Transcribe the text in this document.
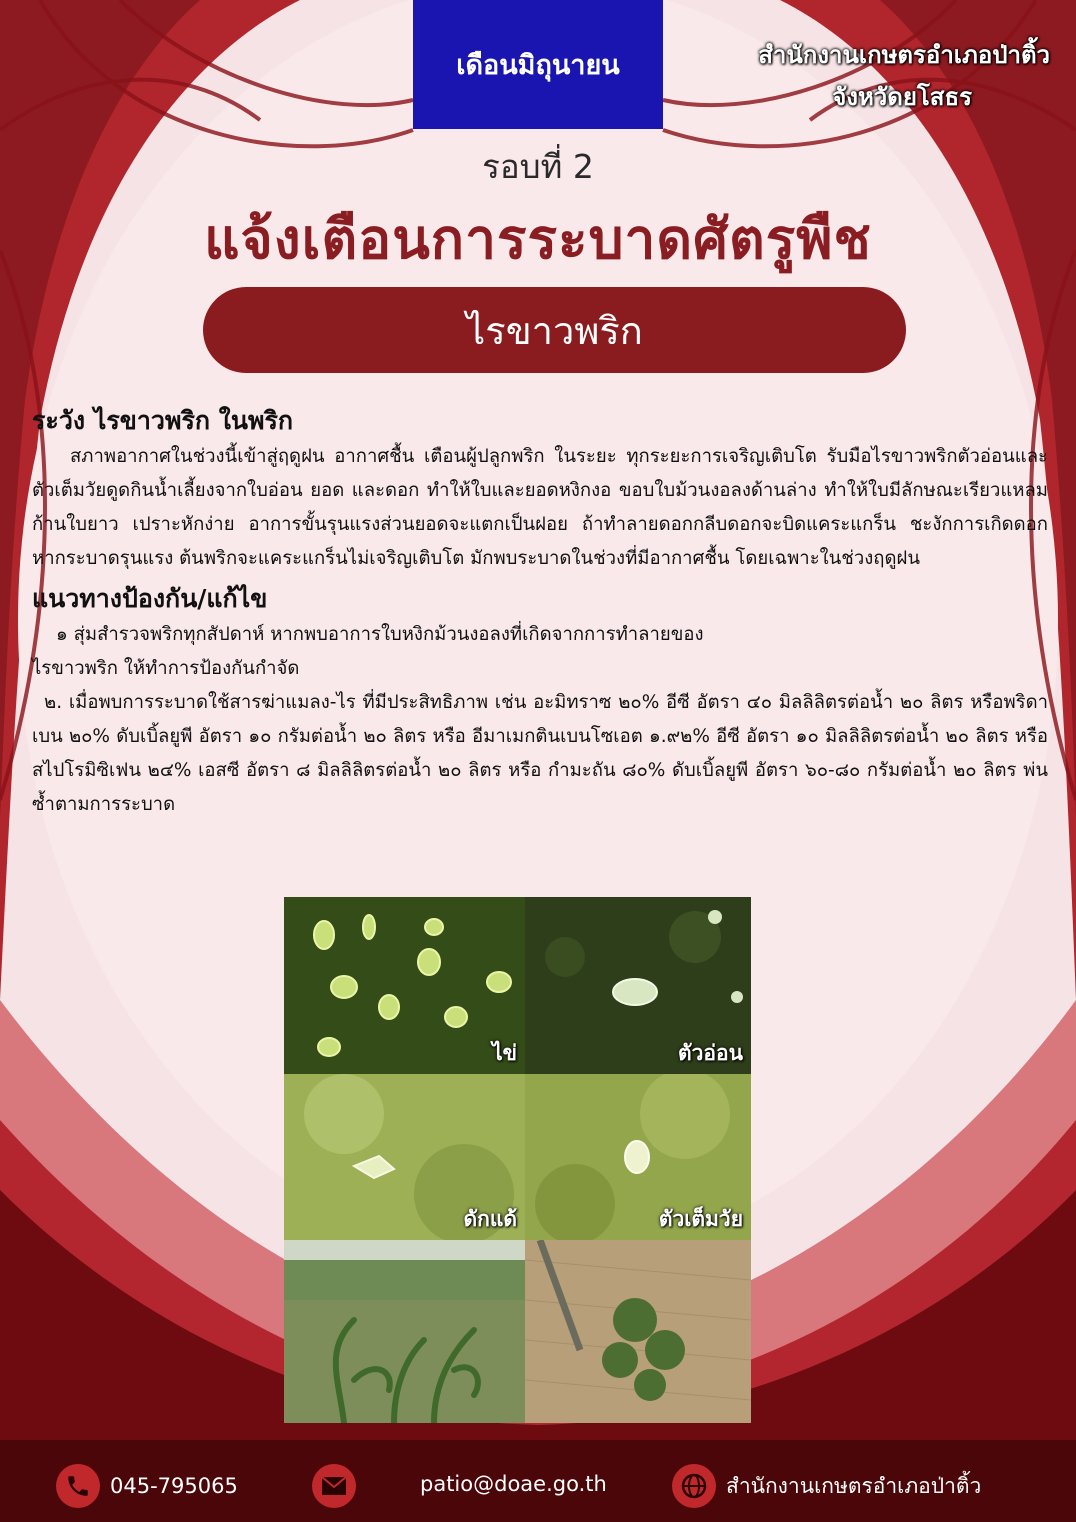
เดือนมิถุนายน	สำนักงานเกษตรอำเภอป่าติ้ว
จังหวัดยโสธร
รอบที่ 2
แจ้งเตือนการระบาดศัตรูพืช
ไรขาวพริก
ระวัง ไรขาวพริก ในพริก

สภาพอากาศในช่วงนี้เข้าสู่ฤดูฝน อากาศชื้น เตือนผู้ปลูกพริก ในระยะ ทุกระยะการเจริญเติบโต รับมือไรขาวพริกตัวอ่อนและตัวเต็มวัยดูดกินน้ำเลี้ยงจากใบอ่อน ยอด และดอก ทำให้ใบและยอดหงิกงอ ขอบใบม้วนงอลงด้านล่าง ทำให้ใบมีลักษณะเรียวแหลม ก้านใบยาว เปราะหักง่าย อาการขั้นรุนแรงส่วนยอดจะแตกเป็นฝอย ถ้าทำลายดอกกลีบดอกจะบิดแคระแกร็น ชะงักการเกิดดอก หากระบาดรุนแรง ต้นพริกจะแคระแกร็นไม่เจริญเติบโต มักพบระบาดในช่วงที่มีอากาศชื้น โดยเฉพาะในช่วงฤดูฝน

แนวทางป้องกัน/แก้ไข

๑ สุ่มสำรวจพริกทุกสัปดาห์ หากพบอาการใบหงิกม้วนงอลงที่เกิดจากการทำลายของ

ไรขาวพริก ให้ทำการป้องกันกำจัด

๒. เมื่อพบการระบาดใช้สารฆ่าแมลง-ไร ที่มีประสิทธิภาพ เช่น อะมิทราซ ๒๐% อีซี อัตรา ๔๐ มิลลิลิตรต่อน้ำ ๒๐ ลิตร หรือพริดาเบน ๒๐% ดับเบิ้ลยูพี อัตรา ๑๐ กรัมต่อน้ำ ๒๐ ลิตร หรือ อีมาเมกตินเบนโซเอต ๑.๙๒% อีซี อัตรา ๑๐ มิลลิลิตรต่อน้ำ ๒๐ ลิตร หรือ สไปโรมิซิเฟน ๒๔% เอสซี อัตรา ๘ มิลลิลิตรต่อน้ำ ๒๐ ลิตร หรือ กำมะถัน ๘๐% ดับเบิ้ลยูพี อัตรา ๖๐-๘๐ กรัมต่อน้ำ ๒๐ ลิตร พ่นซ้ำตามการระบาด

ไข่	ตัวอ่อน
ดักแด้	ตัวเต็มวัย
045-795065	patio@doae.go.th	สำนักงานเกษตรอำเภอป่าติ้ว
